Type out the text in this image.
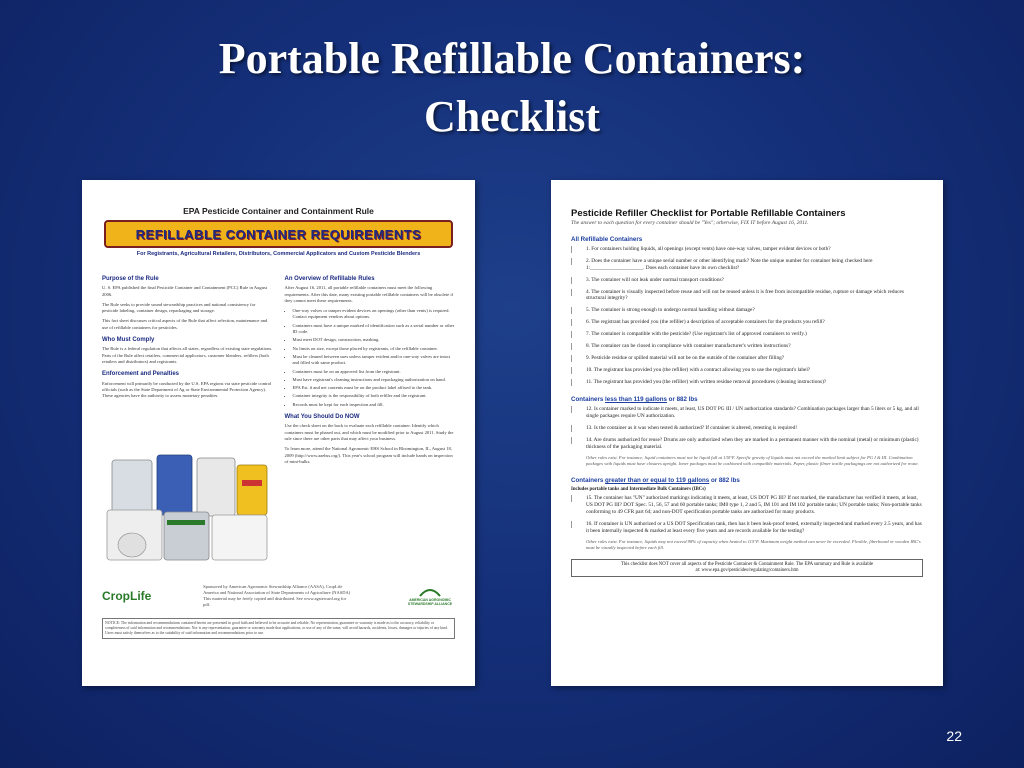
Portable Refillable Containers:
Checklist
EPA Pesticide Container and Containment Rule
REFILLABLE CONTAINER REQUIREMENTS
For Registrants, Agricultural Retailers, Distributors, Commercial Applicators and Custom Pesticide Blenders
Purpose of the Rule

U. S. EPA published the final Pesticide Container and Containment (PCC) Rule in August 2006.

The Rule seeks to provide sound stewardship practices and national consistency for pesticide labeling, container design, repackaging and storage.

This fact sheet discusses critical aspects of the Rule that affect selection, maintenance and use of refillable containers for pesticides.

Who Must Comply

The Rule is a federal regulation that affects all states, regardless of existing state regulations. Parts of the Rule affect retailers, commercial applicators, customer blenders, refillers (both retailers and distributors) and registrants.

Enforcement and Penalties

Enforcement will primarily be conducted by the U.S. EPA regions via state pesticide control officials (such as the State Department of Ag or State Environmental Protection Agency). These agencies have the authority to assess monetary penalties.

An Overview of Refillable Rules

After August 16, 2011, all portable refillable containers must meet the following requirements. After this date, many existing portable refillable containers will be obsolete if they cannot meet these requirements.

• One-way valves or tamper evident devices on openings (other than vents) is required. Contact equipment vendors about options.
• Containers must have a unique marked of identification such as a serial number or other ID code.
• Must meet DOT design, construction, marking.
• No limits on size, except those placed by registrants, of the refillable container.
• Must be cleaned between uses unless tamper evident and/or one-way valves are intact and filled with same product.
• Containers must be on an approved list from the registrant.
• Must have registrant's cleaning instructions and repackaging authorization on hand.
• EPA Est. # and net contents must be on the product label affixed to the tank.
• Container integrity is the responsibility of both refiller and the registrant.
• Records must be kept for each inspection and fill.
What You Should Do NOW

Use the check sheet on the back to evaluate each refillable container. Identify which containers must be phased out, and which must be modified prior to August 2011. Study the rule since there are other parts that may affect your business.

To learn more, attend the National Agronomic EHS School in Bloomington, IL, August 18, 2009 (http://www.aaehss.org/). This year's school program will include hands on inspection of mini-bulks.

CropLife
Sponsored by American Agronomic Stewardship Alliance (AASA), CropLife America and National Association of State Departments of Agriculture (NASDA)
This material may be freely copied and distributed. See www.agsteward.org for pdf.
AMERICAN AGRONOMIC STEWARDSHIP ALLIANCE
NOTICE: The information and recommendations contained herein are presented in good faith and believed to be accurate and reliable. No representation, guarantee or warranty is made as to the accuracy, reliability or completeness of said information and recommendations. Nor is any representation, guarantee or warranty made that applications, or use of any of the same, will avoid hazards, accidents, losses, damages or injuries of any kind. Users must satisfy themselves as to the suitability of said information and recommendations prior to use.
Pesticide Refiller Checklist for Portable Refillable Containers
The answer to each question for every container should be "Yes"; otherwise, FIX IT before August 16, 2011.
All Refillable Containers
1. For containers holding liquids, all openings (except vents) have one-way valves, tamper evident devices or both?
2. Does the container have a unique serial number or other identifying mark? Note the unique number for container being checked here 1:____________________. Does each container have its own checklist?
3. The container will not leak under normal transport conditions?
4. The container is visually inspected before reuse and will not be reused unless it is free from incompatible residue, rupture or damage which reduces structural integrity?
5. The container is strong enough to undergo normal handling without damage?
6. The registrant has provided you (the refiller) a description of acceptable containers for the products you refill?
7. The container is compatible with the pesticide? (Use registrant's list of approved containers to verify.)
8. The container can be closed in compliance with container manufacturer's written instructions?
9. Pesticide residue or spilled material will not be on the outside of the container after filling?
10. The registrant has provided you (the refiller) with a contract allowing you to use the registrant's label?
11. The registrant has provided you (the refiller) with written residue removal procedures (cleaning instructions)?
Containers less than 119 gallons or 882 lbs
12. Is container marked to indicate it meets, at least, US DOT PG III / UN authorization standards? Combination packages larger than 5 liters or 5 kg, and all single packages require UN authorization.
13. Is the container as it was when tested & authorized? If container is altered, retesting is required!
14. Are drums authorized for reuse? Drums are only authorized when they are marked in a permanent manner with the nominal (metal) or minimum (plastic) thickness of the packaging material.
Other rules exist. For instance, liquid containers must not be liquid full at 130°F. Specific gravity of liquids must not exceed the marked limit subject for PG I & III. Combination packages with liquids must have closures upright. Inner packages must be cushioned with compatible materials. Paper, plastic filmer textile packagings are not authorized for reuse.
Containers greater than or equal to 119 gallons or 882 lbs
Includes portable tanks and Intermediate Bulk Containers (IBCs)
15. The container has "UN" authorized markings indicating it meets, at least, US DOT PG III? If not marked, the manufacturer has verified it meets, at least, US DOT PG III? DOT Spec. 51, 56, 57 and 60 portable tanks; IM0 type 1, 2 and 5, IM 101 and IM 102 portable tanks; UN portable tanks; Non-portable tanks conforming to 49 CFR part 64; and non-DOT specification portable tanks are authorized for many products.
16. If container is UN authorized or a US DOT Specification tank, then has it been leak-proof tested, externally inspected/and marked every 2.5 years, and has it been internally inspected & marked at least every five years and are records available for the testing?
Other rules exist. For instance, liquids may not exceed 98% of capacity when heated to 115°F. Maximum weight method can never be exceeded. Flexible, fiberboard or wooden IBC's must be visually inspected before each fill.
This checklist does NOT cover all aspects of the Pesticide Container & Containment Rule. The EPA summary and Rule is available
at: www.epa.gov/pesticides/regulating/containers.htm
22
